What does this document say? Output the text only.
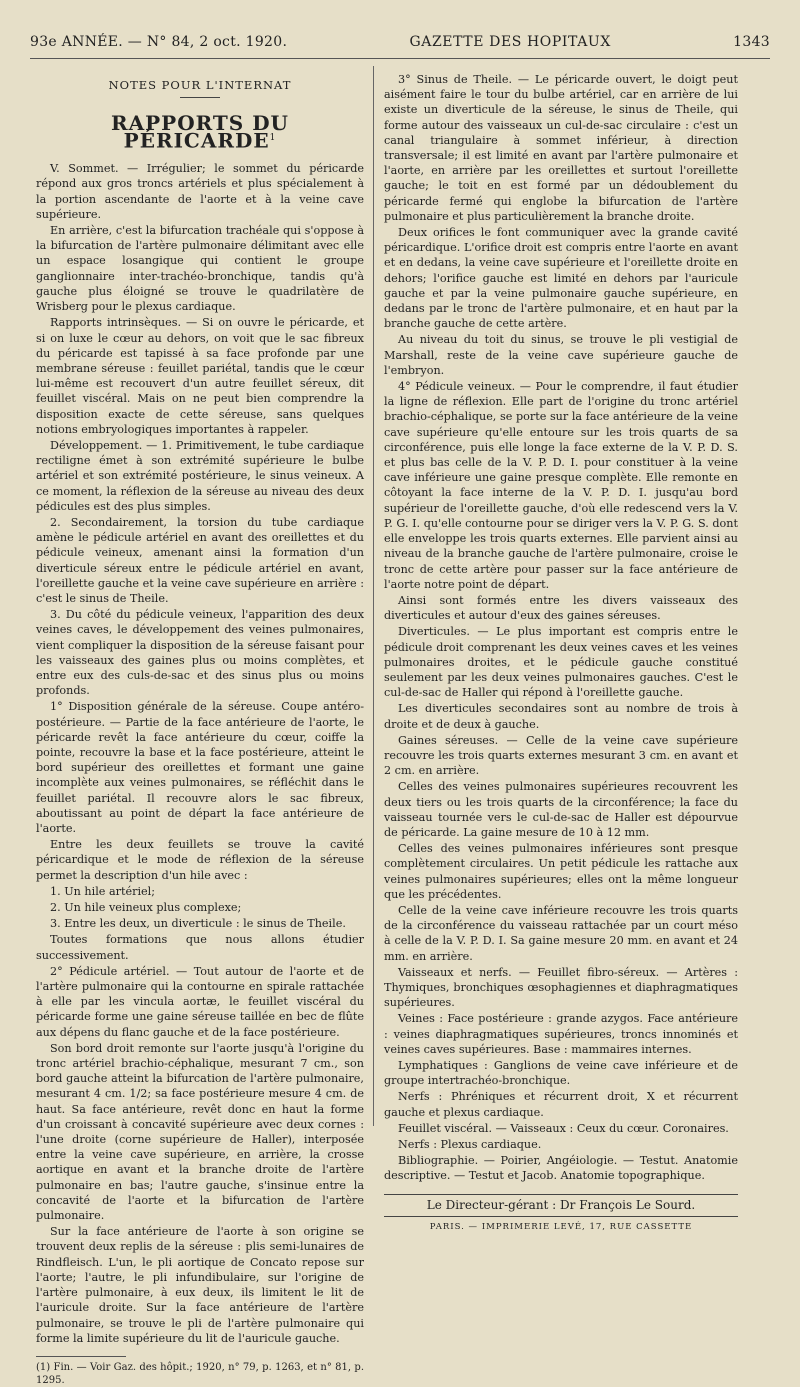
93e ANNÉE. — N° 84, 2 oct. 1920.	GAZETTE DES HOPITAUX	1343
NOTES POUR L'INTERNAT
RAPPORTS DU PÉRICARDE$^1$

V. Sommet. — Irrégulier; le sommet du péricarde répond aux gros troncs artériels et plus spécialement à la portion ascendante de l'aorte et à la veine cave supérieure.

En arrière, c'est la bifurcation trachéale qui s'oppose à la bifurcation de l'artère pulmonaire délimitant avec elle un espace losangique qui contient le groupe ganglionnaire inter-trachéo-bronchique, tandis qu'à gauche plus éloigné se trouve le quadrilatère de Wrisberg pour le plexus cardiaque.

Rapports intrinsèques. — Si on ouvre le péricarde, et si on luxe le cœur au dehors, on voit que le sac fibreux du péricarde est tapissé à sa face profonde par une membrane séreuse : feuillet pariétal, tandis que le cœur lui-même est recouvert d'un autre feuillet séreux, dit feuillet viscéral. Mais on ne peut bien comprendre la disposition exacte de cette séreuse, sans quelques notions embryologiques importantes à rappeler.

Développement. — 1. Primitivement, le tube cardiaque rectiligne émet à son extrémité supérieure le bulbe artériel et son extrémité postérieure, le sinus veineux. A ce moment, la réflexion de la séreuse au niveau des deux pédicules est des plus simples.

2. Secondairement, la torsion du tube cardiaque amène le pédicule artériel en avant des oreillettes et du pédicule veineux, amenant ainsi la formation d'un diverticule séreux entre le pédicule artériel en avant, l'oreillette gauche et la veine cave supérieure en arrière : c'est le sinus de Theile.

3. Du côté du pédicule veineux, l'apparition des deux veines caves, le développement des veines pulmonaires, vient compliquer la disposition de la séreuse faisant pour les vaisseaux des gaines plus ou moins complètes, et entre eux des culs-de-sac et des sinus plus ou moins profonds.

1° Disposition générale de la séreuse. Coupe antéro-postérieure. — Partie de la face antérieure de l'aorte, le péricarde revêt la face antérieure du cœur, coiffe la pointe, recouvre la base et la face postérieure, atteint le bord supérieur des oreillettes et formant une gaine incomplète aux veines pulmonaires, se réfléchit dans le feuillet pariétal. Il recouvre alors le sac fibreux, aboutissant au point de départ la face antérieure de l'aorte.

Entre les deux feuillets se trouve la cavité péricardique et le mode de réflexion de la séreuse permet la description d'un hile avec :

1. Un hile artériel;

2. Un hile veineux plus complexe;

3. Entre les deux, un diverticule : le sinus de Theile.

Toutes formations que nous allons étudier successivement.

2° Pédicule artériel. — Tout autour de l'aorte et de l'artère pulmonaire qui la contourne en spirale rattachée à elle par les vincula aortæ, le feuillet viscéral du péricarde forme une gaine séreuse taillée en bec de flûte aux dépens du flanc gauche et de la face postérieure.

Son bord droit remonte sur l'aorte jusqu'à l'origine du tronc artériel brachio-céphalique, mesurant 7 cm., son bord gauche atteint la bifurcation de l'artère pulmonaire, mesurant 4 cm. 1/2; sa face postérieure mesure 4 cm. de haut. Sa face antérieure, revêt donc en haut la forme d'un croissant à concavité supérieure avec deux cornes : l'une droite (corne supérieure de Haller), interposée entre la veine cave supérieure, en arrière, la crosse aortique en avant et la branche droite de l'artère pulmonaire en bas; l'autre gauche, s'insinue entre la concavité de l'aorte et la bifurcation de l'artère pulmonaire.

Sur la face antérieure de l'aorte à son origine se trouvent deux replis de la séreuse : plis semi-lunaires de Rindfleisch. L'un, le pli aortique de Concato repose sur l'aorte; l'autre, le pli infundibulaire, sur l'origine de l'artère pulmonaire, à eux deux, ils limitent le lit de l'auricule droite. Sur la face antérieure de l'artère pulmonaire, se trouve le pli de l'artère pulmonaire qui forme la limite supérieure du lit de l'auricule gauche.

(1) Fin. — Voir Gaz. des hôpit.; 1920, n° 79, p. 1263, et n° 81, p. 1295.

3° Sinus de Theile. — Le péricarde ouvert, le doigt peut aisément faire le tour du bulbe artériel, car en arrière de lui existe un diverticule de la séreuse, le sinus de Theile, qui forme autour des vaisseaux un cul-de-sac circulaire : c'est un canal triangulaire à sommet inférieur, à direction transversale; il est limité en avant par l'artère pulmonaire et l'aorte, en arrière par les oreillettes et surtout l'oreillette gauche; le toit en est formé par un dédoublement du péricarde fermé qui englobe la bifurcation de l'artère pulmonaire et plus particulièrement la branche droite.

Deux orifices le font communiquer avec la grande cavité péricardique. L'orifice droit est compris entre l'aorte en avant et en dedans, la veine cave supérieure et l'oreillette droite en dehors; l'orifice gauche est limité en dehors par l'auricule gauche et par la veine pulmonaire gauche supérieure, en dedans par le tronc de l'artère pulmonaire, et en haut par la branche gauche de cette artère.

Au niveau du toit du sinus, se trouve le pli vestigial de Marshall, reste de la veine cave supérieure gauche de l'embryon.

4° Pédicule veineux. — Pour le comprendre, il faut étudier la ligne de réflexion. Elle part de l'origine du tronc artériel brachio-céphalique, se porte sur la face antérieure de la veine cave supérieure qu'elle entoure sur les trois quarts de sa circonférence, puis elle longe la face externe de la V. P. D. S. et plus bas celle de la V. P. D. I. pour constituer à la veine cave inférieure une gaine presque complète. Elle remonte en côtoyant la face interne de la V. P. D. I. jusqu'au bord supérieur de l'oreillette gauche, d'où elle redescend vers la V. P. G. I. qu'elle contourne pour se diriger vers la V. P. G. S. dont elle enveloppe les trois quarts externes. Elle parvient ainsi au niveau de la branche gauche de l'artère pulmonaire, croise le tronc de cette artère pour passer sur la face antérieure de l'aorte notre point de départ.

Ainsi sont formés entre les divers vaisseaux des diverticules et autour d'eux des gaines séreuses.

Diverticules. — Le plus important est compris entre le pédicule droit comprenant les deux veines caves et les veines pulmonaires droites, et le pédicule gauche constitué seulement par les deux veines pulmonaires gauches. C'est le cul-de-sac de Haller qui répond à l'oreillette gauche.

Les diverticules secondaires sont au nombre de trois à droite et de deux à gauche.

Gaines séreuses. — Celle de la veine cave supérieure recouvre les trois quarts externes mesurant 3 cm. en avant et 2 cm. en arrière.

Celles des veines pulmonaires supérieures recouvrent les deux tiers ou les trois quarts de la circonférence; la face du vaisseau tournée vers le cul-de-sac de Haller est dépourvue de péricarde. La gaine mesure de 10 à 12 mm.

Celles des veines pulmonaires inférieures sont presque complètement circulaires. Un petit pédicule les rattache aux veines pulmonaires supérieures; elles ont la même longueur que les précédentes.

Celle de la veine cave inférieure recouvre les trois quarts de la circonférence du vaisseau rattachée par un court méso à celle de la V. P. D. I. Sa gaine mesure 20 mm. en avant et 24 mm. en arrière.

Vaisseaux et nerfs. — Feuillet fibro-séreux. — Artères : Thymiques, bronchiques œsophagiennes et diaphragmatiques supérieures.

Veines : Face postérieure : grande azygos. Face antérieure : veines diaphragmatiques supérieures, troncs innominés et veines caves supérieures. Base : mammaires internes.

Lymphatiques : Ganglions de veine cave inférieure et de groupe intertrachéo-bronchique.

Nerfs : Phréniques et récurrent droit, X et récurrent gauche et plexus cardiaque.

Feuillet viscéral. — Vaisseaux : Ceux du cœur. Coronaires.

Nerfs : Plexus cardiaque.

Bibliographie. — Poirier, Angéiologie. — Testut. Anatomie descriptive. — Testut et Jacob. Anatomie topographique.

Le Directeur-gérant : Dr François Le Sourd.
PARIS. — IMPRIMERIE LEVÉ, 17, RUE CASSETTE
